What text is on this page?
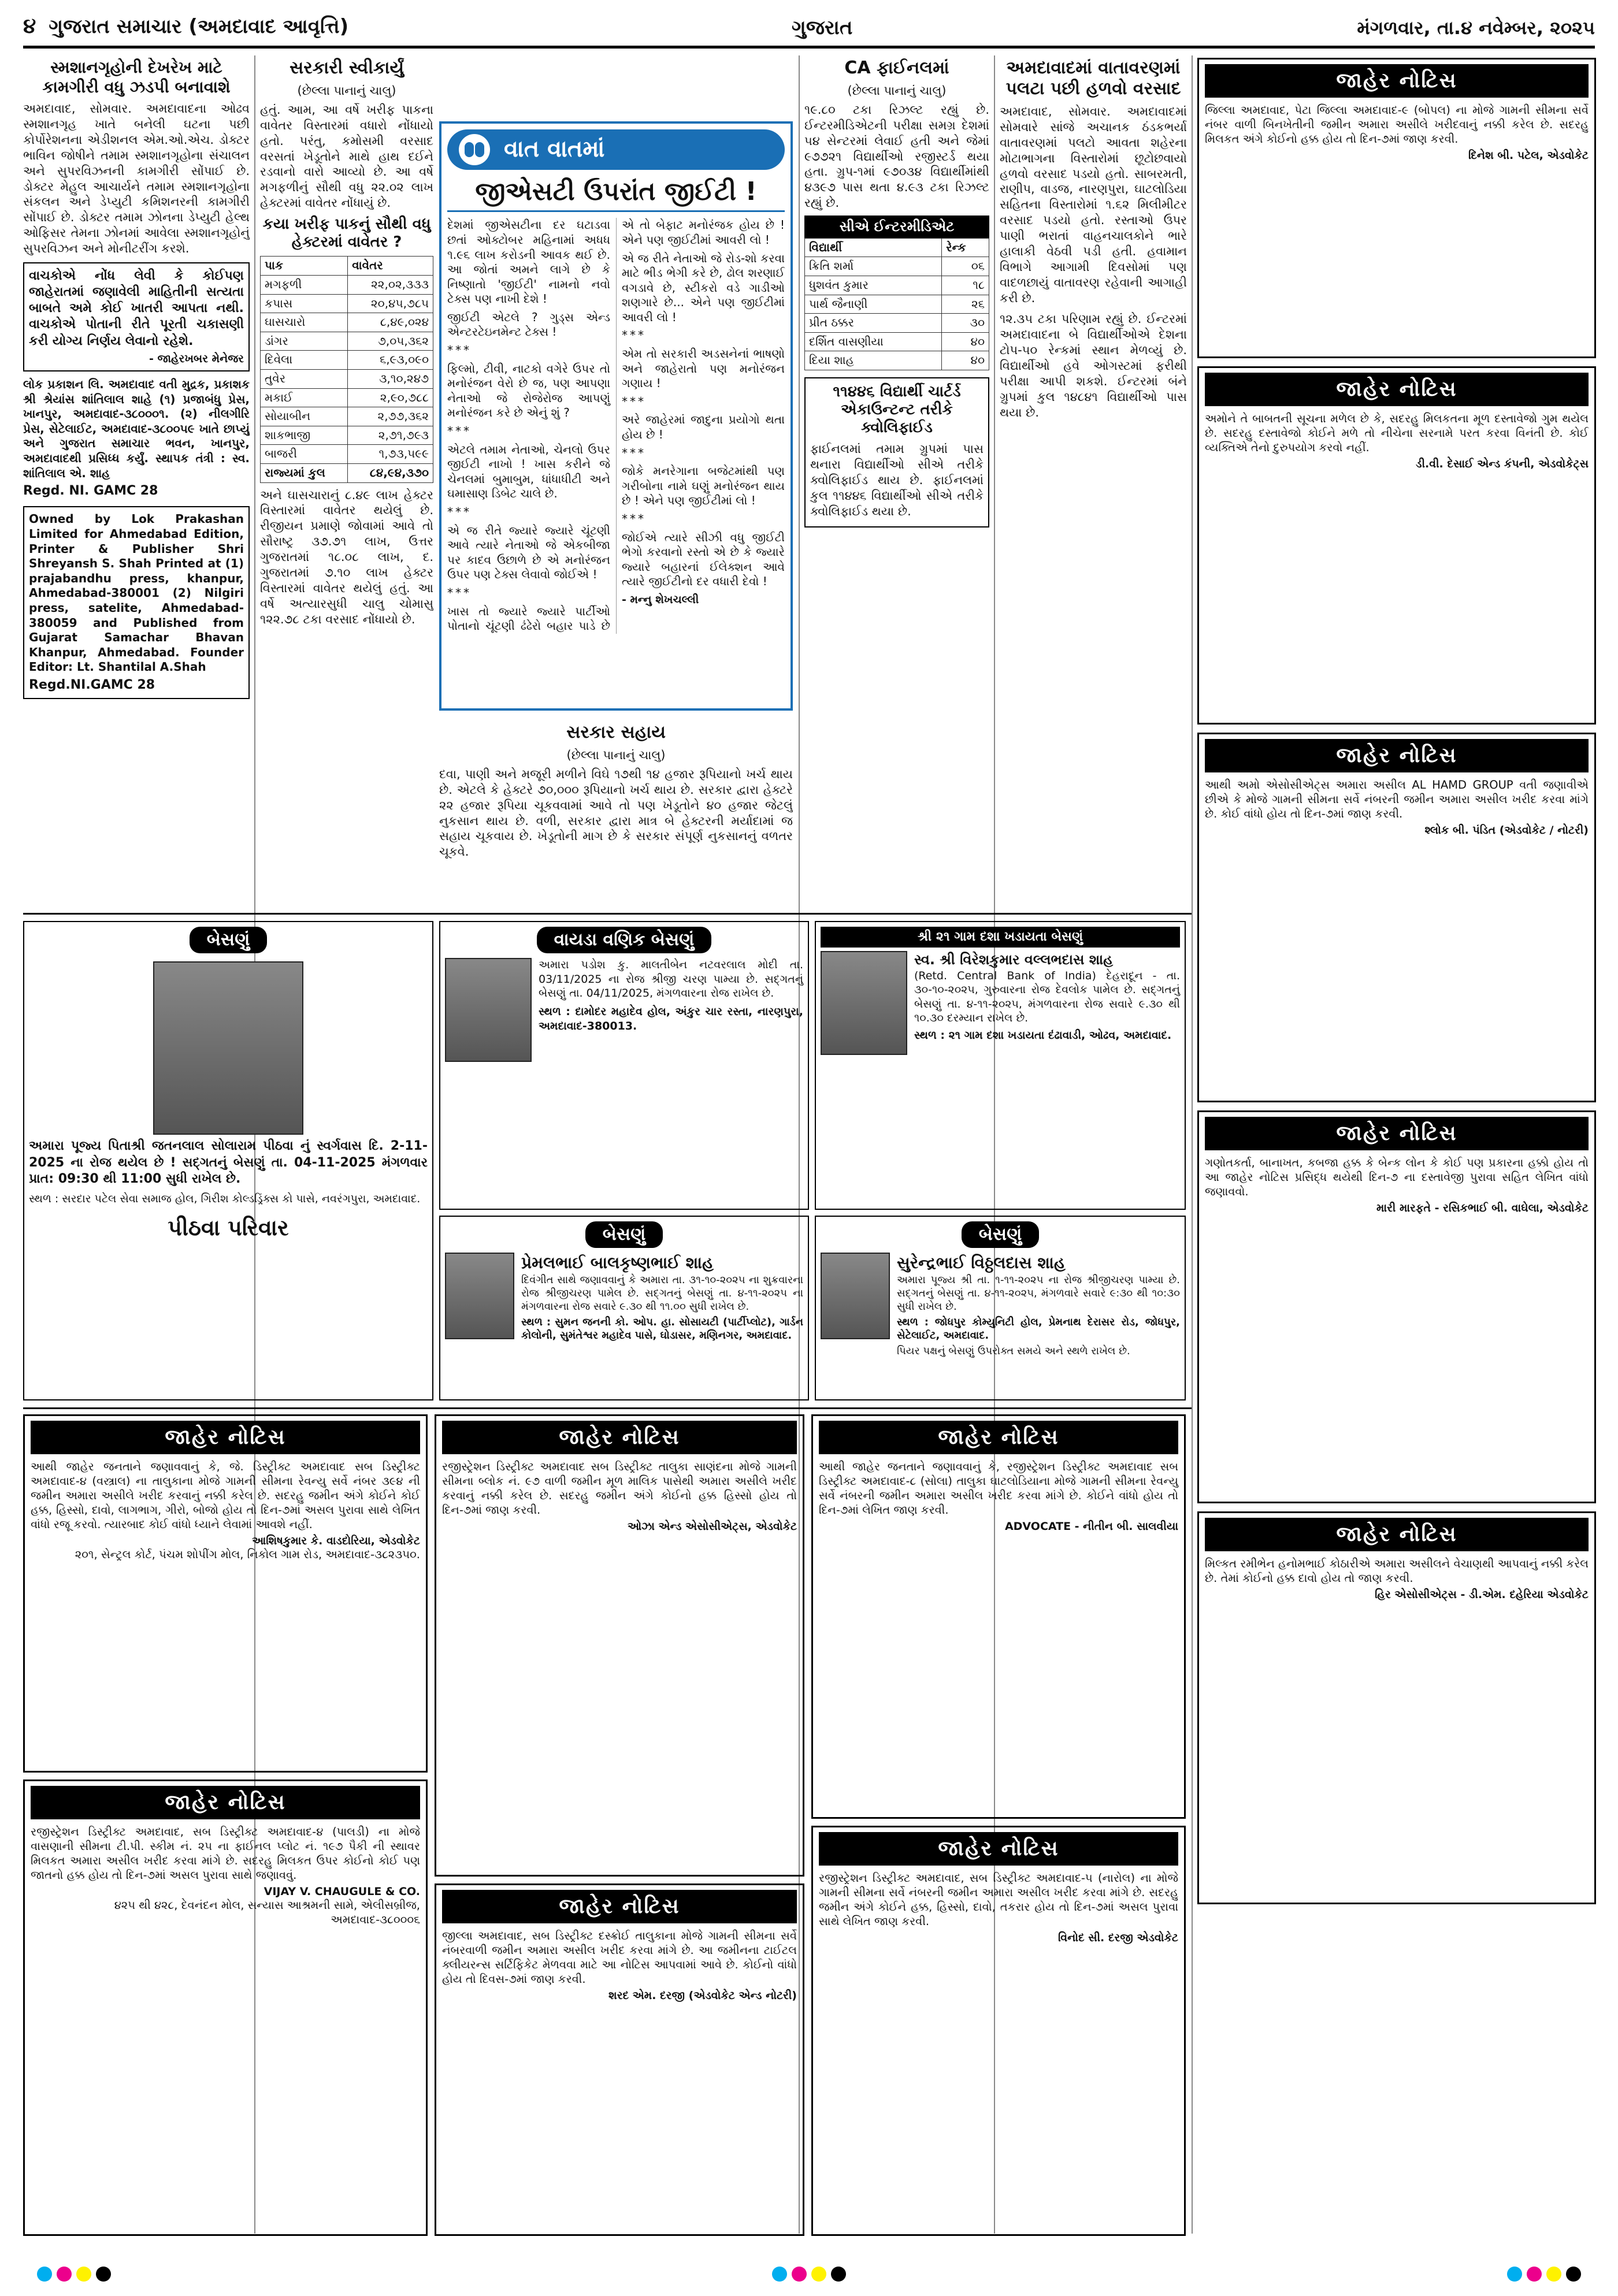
૪ ગુજરાત સમાચાર (અમદાવાદ આવૃત્તિ)	ગુજરાત	મંગળવાર, તા.૪ નવેમ્બર, ૨૦૨૫
સ્મશાનગૃહોની દેખરેખ માટે કામગીરી વધુ ઝડપી બનાવાશે

અમદાવાદ, સોમવાર. અમદાવાદના ઓઢવ સ્મશાનગૃહ ખાતે બનેલી ઘટના પછી કોર્પોરેશનના એડીશનલ એમ.ઓ.એચ. ડોક્ટર ભાવિન જોષીને તમામ સ્મશાનગૃહોના સંચાલન અને સુપરવિઝનની કામગીરી સોંપાઈ છે. ડોક્ટર મેહુલ આચાર્યને તમામ સ્મશાનગૃહોના સંકલન અને ડેપ્યુટી કમિશનરની કામગીરી સોંપાઈ છે. ડોક્ટર તમામ ઝોનના ડેપ્યુટી હેલ્થ ઓફિસર તેમના ઝોનમાં આવેલા સ્મશાનગૃહોનું સુપરવિઝન અને મોનીટરીંગ કરશે.

વાચકોએ નોંધ લેવી કે કોઈપણ જાહેરાતમાં જણાવેલી માહિતીની સત્યતા બાબતે અમે કોઈ ખાતરી આપતા નથી. વાચકોએ પોતાની રીતે પૂરતી ચકાસણી કરી યોગ્ય નિર્ણય લેવાનો રહેશે.

- જાહેરખબર મેનેજર

લોક પ્રકાશન લિ. અમદાવાદ વતી મુદ્રક, પ્રકાશક શ્રી શ્રેયાંસ શાંતિલાલ શાહે (૧) પ્રજાબંધુ પ્રેસ, ખાનપુર, અમદાવાદ-૩૮૦૦૦૧. (૨) નીલગીરિ પ્રેસ, સેટેલાઈટ, અમદાવાદ-૩૮૦૦૫૯ ખાતે છાપ્યું અને ગુજરાત સમાચાર ભવન, ખાનપુર, અમદાવાદથી પ્રસિધ્ધ કર્યું. સ્થાપક તંત્રી : સ્વ. શાંતિલાલ એ. શાહ

Regd. NI. GAMC 28

Owned by Lok Prakashan Limited for Ahmedabad Edition, Printer & Publisher Shri Shreyansh S. Shah Printed at (1) prajabandhu press, khanpur, Ahmedabad-380001 (2) Nilgiri press, satelite, Ahmedabad-380059 and Published from Gujarat Samachar Bhavan Khanpur, Ahmedabad. Founder Editor: Lt. Shantilal A.Shah

Regd.NI.GAMC 28
સરકારી સ્વીકાર્યું
(છેલ્લા પાનાનું ચાલુ)

હતું. આમ, આ વર્ષે ખરીફ પાકના વાવેતર વિસ્તારમાં વધારો નોંધાયો હતો. પરંતુ, કમોસમી વરસાદ વરસતાં ખેડૂતોને માથે હાથ દઈને રડવાનો વારો આવ્યો છે. આ વર્ષે મગફળીનું સૌથી વધુ ૨૨.૦૨ લાખ હેક્ટરમાં વાવેતર નોંધાયું છે.

કયા ખરીફ પાકનું સૌથી વધુ હેક્ટરમાં વાવેતર ?
પાક	વાવેતર
મગફળી	૨૨,૦૨,૩૩૩
કપાસ	૨૦,૪૫,૭૮૫
ઘાસચારો	૮,૪૯,૦૨૪
ડાંગર	૭,૦૫,૩૬૨
દિવેલા	૬,૯૩,૦૯૦
તુવેર	૩,૧૦,૨૪૭
મકાઈ	૨,૯૦,૭૮૮
સોયાબીન	૨,૭૭,૩૬૨
શાકભાજી	૨,૭૧,૭૯૩
બાજરી	૧,૭૩,૫૯૯
રાજ્યમાં કુલ	૮૪,૯૪,૩૭૦

અને ઘાસચારાનું ૮.૪૯ લાખ હેક્ટર વિસ્તારમાં વાવેતર થયેલું છે. રીજીયન પ્રમાણે જોવામાં આવે તો સૌરાષ્ટ્ર ૩૭.૭૧ લાખ, ઉત્તર ગુજરાતમાં ૧૮.૦૮ લાખ, દ. ગુજરાતમાં ૭.૧૦ લાખ હેક્ટર વિસ્તારમાં વાવેતર થયેલું હતું. આ વર્ષે અત્યારસુધી ચાલુ ચોમાસુ ૧૨૨.૭૮ ટકા વરસાદ નોંધાયો છે.

વાત વાતમાં
જીએસટી ઉપરાંત જીઈટી !

દેશમાં જીએસટીના દર ઘટાડવા છતાં ઓક્ટોબર મહિનામાં અધધ ૧.૯૬ લાખ કરોડની આવક થઈ છે. આ જોતાં અમને લાગે છે કે નિષ્ણાતો 'જીઈટી' નામનો નવો ટેક્સ પણ નાખી દેશે !

જીઈટી એટલે ? ગુડ્સ એન્ડ એન્ટરટેઇનમેન્ટ ટેક્સ !

***

ફિલ્મો, ટીવી, નાટકો વગેરે ઉપર તો મનોરંજન વેરો છે જ, પણ આપણા નેતાઓ જે રોજેરોજ આપણું મનોરંજન કરે છે એનું શું ?

***

એટલે તમામ નેતાઓ, ચેનલો ઉપર જીઈટી નાખો ! ખાસ કરીને જે ચેનલમાં બુમાબુમ, ધાંધાધીટી અને ઘમાસાણ ડિબેટ ચાલે છે.

***

એ જ રીતે જ્યારે જ્યારે ચૂંટણી આવે ત્યારે નેતાઓ જે એકબીજા પર કાદવ ઉછાળે છે એ મનોરંજન ઉપર પણ ટેક્સ લેવાવો જોઈએ !

***

ખાસ તો જ્યારે જ્યારે પાર્ટીઓ પોતાનો ચૂંટણી ઢંઢેરો બહાર પાડે છે એ તો બેફાટ મનોરંજક હોય છે ! એને પણ જીઈટીમાં આવરી લો !

એ જ રીતે નેતાઓ જે રોડ-શો કરવા માટે ભીડ ભેગી કરે છે, ઢોલ શરણાઈ વગડાવે છે, સ્ટીકરો વડે ગાડીઓ શણગારે છે... એને પણ જીઈટીમાં આવરી લો !

***

એમ તો સરકારી અડસનેનાં ભાષણો અને જાહેરાતો પણ મનોરંજન ગણાય !

***

અરે જાહેરમાં જાદુના પ્રયોગો થતા હોય છે !

***

જોકે મનરેગાના બજેટમાંથી પણ ગરીબોના નામે ઘણું મનોરંજન થાય છે ! એને પણ જીઈટીમાં લો !

***

જોઈએ ત્યારે સીઝી વધુ જીઈટી ભેગો કરવાનો રસ્તો એ છે કે જ્યારે જ્યારે બહારનાં ઈલેક્શન આવે ત્યારે જીઈટીનો દર વધારી દેવો !

- મન્નુ શેખચલ્લી

સરકાર સહાય
(છેલ્લા પાનાનું ચાલુ)

દવા, પાણી અને મજૂરી મળીને વિઘે ૧૭થી ૧૪ હજાર રૂપિયાનો ખર્ચ થાય છે. એટલે કે હેક્ટરે ૭૦,૦૦૦ રૂપિયાનો ખર્ચ થાય છે. સરકાર દ્વારા હેક્ટરે ૨૨ હજાર રૂપિયા ચૂકવવામાં આવે તો પણ ખેડૂતોને ૪૦ હજાર જેટલું નુકસાન થાય છે. વળી, સરકાર દ્વારા માત્ર બે હેક્ટરની મર્યાદામાં જ સહાય ચૂકવાય છે. ખેડૂતોની માગ છે કે સરકાર સંપૂર્ણ નુકસાનનું વળતર ચૂકવે.

CA ફાઈનલમાં
(છેલ્લા પાનાનું ચાલુ)

૧૯.૮૦ ટકા રિઝલ્ટ રહ્યું છે. ઈન્ટરમીડિએટની પરીક્ષા સમગ્ર દેશમાં ૫૪ સેન્ટરમાં લેવાઈ હતી અને જેમાં ૯૭૭૨૧ વિદ્યાર્થીઓ રજીસ્ટર્ડ થયા હતા. ગ્રુપ-૧માં ૯૭૦૩૪ વિદ્યાર્થીમાંથી ૪૩૯૭ પાસ થતા ૪.૯૩ ટકા રિઝલ્ટ રહ્યું છે.

સીએ ઈન્ટરમીડિએટ
વિદ્યાર્થી	રેન્ક
ક્રિતિ શર્મા	૦૬
ધુશવંત કુમાર	૧૮
પાર્થ જૈનાણી	૨૬
પ્રીત ઠક્કર	૩૦
દર્શિત વાસણીયા	૪૦
દિયા શાહ	૪૦
૧૧૪૪૬ વિદ્યાર્થી ચાર્ટર્ડ એકાઉન્ટન્ટ તરીકે ક્વોલિફાઈડ

ફાઈનલમાં તમામ ગ્રુપમાં પાસ થનારા વિદ્યાર્થીઓ સીએ તરીકે ક્વોલિફાઈડ થાય છે. ફાઈનલમાં કુલ ૧૧૪૪૬ વિદ્યાર્થીઓ સીએ તરીકે ક્વોલિફાઈડ થયા છે.

અમદાવાદમાં વાતાવરણમાં પલટા પછી હળવો વરસાદ

અમદાવાદ, સોમવાર. અમદાવાદમાં સોમવારે સાંજે અચાનક ઠંડકભર્યા વાતાવરણમાં પલટો આવતા શહેરના મોટાભાગના વિસ્તારોમાં છૂટોછવાયો હળવો વરસાદ પડયો હતો. સાબરમતી, રાણીપ, વાડજ, નારણપુરા, ઘાટલોડિયા સહિતના વિસ્તારોમાં ૧.૬૨ મિલીમીટર વરસાદ પડયો હતો. રસ્તાઓ ઉપર પાણી ભરાતાં વાહનચાલકોને ભારે હાલાકી વેઠવી પડી હતી. હવામાન વિભાગે આગામી દિવસોમાં પણ વાદળછાયું વાતાવરણ રહેવાની આગાહી કરી છે.

૧૨.૩૫ ટકા પરિણામ રહ્યું છે. ઈન્ટરમાં અમદાવાદના બે વિદ્યાર્થીઓએ દેશના ટોપ-૫૦ રેન્કમાં સ્થાન મેળવ્યું છે. વિદ્યાર્થીઓ હવે ઓગસ્ટમાં ફરીથી પરીક્ષા આપી શકશે. ઈન્ટરમાં બંને ગ્રુપમાં કુલ ૧૪૮૪૧ વિદ્યાર્થીઓ પાસ થયા છે.

જાહેર નોટિસ

જિલ્લા અમદાવાદ, પેટા જિલ્લા અમદાવાદ-૯ (બોપલ) ના મોજે ગામની સીમના સર્વે નંબર વાળી બિનખેતીની જમીન અમારા અસીલે ખરીદવાનું નક્કી કરેલ છે. સદરહુ મિલકત અંગે કોઈનો હક્ક હોય તો દિન-૭માં જાણ કરવી.

દિનેશ બી. પટેલ, એડવોકેટ
જાહેર નોટિસ

અમોને તે બાબતની સૂચના મળેલ છે કે, સદરહુ મિલકતના મૂળ દસ્તાવેજો ગુમ થયેલ છે. સદરહુ દસ્તાવેજો કોઈને મળે તો નીચેના સરનામે પરત કરવા વિનંતી છે. કોઈ વ્યક્તિએ તેનો દુરુપયોગ કરવો નહીં.

ડી.વી. દેસાઈ એન્ડ કંપની, એડવોકેટ્સ
જાહેર નોટિસ

આથી અમો એસોસીએટ્સ અમારા અસીલ AL HAMD GROUP વતી જણાવીએ છીએ કે મોજે ગામની સીમના સર્વે નંબરની જમીન અમારા અસીલ ખરીદ કરવા માંગે છે. કોઈ વાંધો હોય તો દિન-૭માં જાણ કરવી.

શ્લોક બી. પંડિત (એડવોકેટ / નોટરી)
જાહેર નોટિસ

ગણોતકર્તા, બાનાખત, કબજા હક્ક કે બેન્ક લોન કે કોઈ પણ પ્રકારના હક્કો હોય તો આ જાહેર નોટિસ પ્રસિદ્ધ થયેથી દિન-૭ ના દસ્તાવેજી પુરાવા સહિત લેખિત વાંધો જણાવવો.

મારી મારફતે - રસિકભાઈ બી. વાઘેલા, એડવોકેટ
જાહેર નોટિસ

મિલ્કત રમીભેન હનોમભાઈ કોઠારીએ અમારા અસીલને વેચાણથી આપવાનું નક્કી કરેલ છે. તેમાં કોઈનો હક્ક દાવો હોય તો જાણ કરવી.

હિર એસોસીએટ્સ - ડી.એમ. દહેરિયા એડવોકેટ
બેસણું

અમારા પૂજ્ય પિતાશ્રી જતનલાલ સોલારામ પીઠવા નું સ્વર્ગવાસ દિ. 2-11-2025 ના રોજ થયેલ છે ! સદ્ગતનું બેસણું તા. 04-11-2025 મંગળવાર પ્રાત: 09:30 થી 11:00 સુધી રાખેલ છે.

સ્થળ : સરદાર પટેલ સેવા સમાજ હોલ, ગિરીશ કોલ્ડડ્રિંક્સ કો પાસે, નવરંગપુરા, અમદાવાદ.

પીઠવા પરિવાર
વાયડા વણિક બેસણું

અમારા પડોશ કુ. માલતીબેન નટવરલાલ મોદી તા. 03/11/2025 ના રોજ શ્રીજી ચરણ પામ્યા છે. સદ્ગતનું બેસણું તા. 04/11/2025, મંગળવારના રોજ રાખેલ છે.

સ્થળ : દામોદર મહાદેવ હોલ, અંકુર ચાર રસ્તા, નારણપુરા, અમદાવાદ-380013.

શ્રી ૨૧ ગામ દશા ખડાયતા બેસણું
સ્વ. શ્રી વિરેશકુમાર વલ્લભદાસ શાહ

(Retd. Central Bank of India) દેહરાદૂન - તા. ૩૦-૧૦-૨૦૨૫, ગુરુવારના રોજ દેવલોક પામેલ છે. સદ્ગતનું બેસણું તા. ૪-૧૧-૨૦૨૫, મંગળવારના રોજ સવારે ૯.૩૦ થી ૧૦.૩૦ દરમ્યાન રાખેલ છે.

સ્થળ : ૨૧ ગામ દશા ખડાયતા દંઢાવાડી, ઓઢવ, અમદાવાદ.

બેસણું
પ્રેમલભાઈ બાલકૃષ્ણભાઈ શાહ

દિવંગીત સાથે જણાવવાનું કે અમારા તા. ૩૧-૧૦-૨૦૨૫ ના શુક્રવારના રોજ શ્રીજીચરણ પામેલ છે. સદ્ગતનું બેસણું તા. ૪-૧૧-૨૦૨૫ ના મંગળવારના રોજ સવારે ૯.૩૦ થી ૧૧.૦૦ સુધી રાખેલ છે.

સ્થળ : સુમન જનની કો. ઓપ. હા. સોસાયટી (પાર્ટીપ્લોટ), ગાર્ડન કોલોની, સુમંતેશ્વર મહાદેવ પાસે, ઘોડાસર, મણિનગર, અમદાવાદ.

બેસણું
સુરેન્દ્રભાઈ વિઠ્ઠલદાસ શાહ

અમારા પૂજ્ય શ્રી તા. ૧-૧૧-૨૦૨૫ ના રોજ શ્રીજીચરણ પામ્યા છે. સદ્ગતનું બેસણું તા. ૪-૧૧-૨૦૨૫, મંગળવારે સવારે ૯:૩૦ થી ૧૦:૩૦ સુધી રાખેલ છે.

સ્થળ : જોધપુર કોમ્યુનિટી હોલ, પ્રેમનાથ દેરાસર રોડ, જોધપુર, સેટેલાઈટ, અમદાવાદ.

પિયર પક્ષનું બેસણું ઉપરોક્ત સમયે અને સ્થળે રાખેલ છે.

જાહેર નોટિસ

આથી જાહેર જનતાને જણાવવાનું કે, જે. ડિસ્ટ્રીક્ટ અમદાવાદ સબ ડિસ્ટ્રીક્ટ અમદાવાદ-૪ (વસ્ત્રાલ) ના તાલુકાના મોજે ગામની સીમના રેવન્યુ સર્વે નંબર ૩૯૪ ની જમીન અમારા અસીલે ખરીદ કરવાનું નક્કી કરેલ છે. સદરહુ જમીન અંગે કોઈને કોઈ હક્ક, હિસ્સો, દાવો, લાગભાગ, ગીરો, બોજો હોય તો દિન-૭માં અસલ પુરાવા સાથે લેખિત વાંધો રજૂ કરવો. ત્યારબાદ કોઈ વાંધો ધ્યાને લેવામાં આવશે નહીં.

આશિષકુમાર કે. વાડદોરિયા, એડવોકેટ

૨૦૧, સેન્ટ્રલ કોર્ટ, પંચમ શોપીંગ મોલ, નિકોલ ગામ રોડ, અમદાવાદ-૩૮૨૩૫૦.

જાહેર નોટિસ

રજીસ્ટ્રેશન ડિસ્ટ્રીક્ટ અમદાવાદ, સબ ડિસ્ટ્રીક્ટ અમદાવાદ-૪ (પાલડી) ના મોજે વાસણાની સીમના ટી.પી. સ્કીમ નં. ૨૫ ના ફાઈનલ પ્લોટ નં. ૧૯૭ પૈકી ની સ્થાવર મિલકત અમારા અસીલ ખરીદ કરવા માંગે છે. સદરહુ મિલકત ઉપર કોઈનો કોઈ પણ જાતનો હક્ક હોય તો દિન-૭માં અસલ પુરાવા સાથે જણાવવું.

VIJAY V. CHAUGULE & CO.

૪૨૫ થી ૪૨૮, દેવનંદન મોલ, સન્યાસ આશ્રમની સામે, એલીસબ્રીજ, અમદાવાદ-૩૮૦૦૦૬

જાહેર નોટિસ

રજીસ્ટ્રેશન ડિસ્ટ્રીક્ટ અમદાવાદ સબ ડિસ્ટ્રીક્ટ તાલુકા સાણંદના મોજે ગામની સીમના બ્લોક નં. ૯૭ વાળી જમીન મૂળ માલિક પાસેથી અમારા અસીલે ખરીદ કરવાનું નક્કી કરેલ છે. સદરહુ જમીન અંગે કોઈનો હક્ક હિસ્સો હોય તો દિન-૭માં જાણ કરવી.

ઓઝા એન્ડ એસોસીએટ્સ, એડવોકેટ
જાહેર નોટિસ

જીલ્લા અમદાવાદ, સબ ડિસ્ટ્રીક્ટ દસ્ક્રોઈ તાલુકાના મોજે ગામની સીમના સર્વે નંબરવાળી જમીન અમારા અસીલ ખરીદ કરવા માંગે છે. આ જમીનના ટાઈટલ ક્લીયરન્સ સર્ટિફિકેટ મેળવવા માટે આ નોટિસ આપવામાં આવે છે. કોઈનો વાંધો હોય તો દિવસ-૭માં જાણ કરવી.

શરદ એમ. દરજી (એડવોકેટ એન્ડ નોટરી)
જાહેર નોટિસ

આથી જાહેર જનતાને જણાવવાનું કે, રજીસ્ટ્રેશન ડિસ્ટ્રીક્ટ અમદાવાદ સબ ડિસ્ટ્રીક્ટ અમદાવાદ-૮ (સોલા) તાલુકા ઘાટલોડિયાના મોજે ગામની સીમના રેવન્યુ સર્વે નંબરની જમીન અમારા અસીલ ખરીદ કરવા માંગે છે. કોઈને વાંધો હોય તો દિન-૭માં લેખિત જાણ કરવી.

ADVOCATE - નીતીન બી. સાલવીયા
જાહેર નોટિસ

રજીસ્ટ્રેશન ડિસ્ટ્રીક્ટ અમદાવાદ, સબ ડિસ્ટ્રીક્ટ અમદાવાદ-૫ (નારોલ) ના મોજે ગામની સીમના સર્વે નંબરની જમીન અમારા અસીલ ખરીદ કરવા માંગે છે. સદરહુ જમીન અંગે કોઈને હક્ક, હિસ્સો, દાવો, તકરાર હોય તો દિન-૭માં અસલ પુરાવા સાથે લેખિત જાણ કરવી.

વિનોદ સી. દરજી એડવોકેટ
